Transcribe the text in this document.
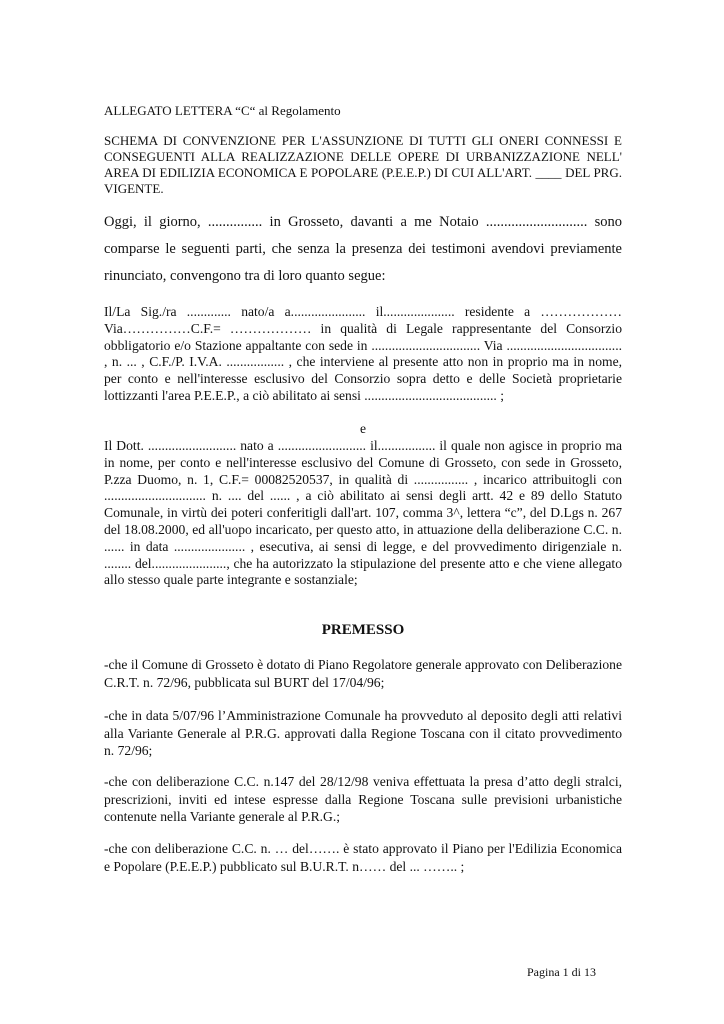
ALLEGATO LETTERA “C“ al Regolamento
SCHEMA DI CONVENZIONE PER L'ASSUNZIONE DI TUTTI GLI ONERI CONNESSI E CONSEGUENTI ALLA REALIZZAZIONE DELLE OPERE DI URBANIZZAZIONE NELL' AREA DI EDILIZIA ECONOMICA E POPOLARE (P.E.E.P.) DI CUI ALL'ART. ____ DEL PRG. VIGENTE.
Oggi, il giorno, ............... in Grosseto, davanti a me Notaio ............................ sono comparse le seguenti parti, che senza la presenza dei testimoni avendovi previamente rinunciato, convengono tra di loro quanto segue:
Il/La Sig./ra ............. nato/a a...................... il..................... residente a ……………… Via……………C.F.= ……………… in qualità di Legale rappresentante del Consorzio obbligatorio e/o Stazione appaltante con sede in ................................ Via .................................. , n. ... , C.F./P. I.V.A. ................. , che interviene al presente atto non in proprio ma in nome, per conto e nell'interesse esclusivo del Consorzio sopra detto e delle Società proprietarie lottizzanti l'area P.E.E.P., a ciò abilitato ai sensi ....................................... ;
e
Il Dott. .......................... nato a .......................... il................. il quale non agisce in proprio ma in nome, per conto e nell'interesse esclusivo del Comune di Grosseto, con sede in Grosseto, P.zza Duomo, n. 1, C.F.= 00082520537, in qualità di ................ , incarico attribuitogli con .............................. n. .... del ...... , a ciò abilitato ai sensi degli artt. 42 e 89 dello Statuto Comunale, in virtù dei poteri conferitigli dall'art. 107, comma 3^, lettera “c”, del D.Lgs n. 267 del 18.08.2000, ed all'uopo incaricato, per questo atto, in attuazione della deliberazione C.C. n. ...... in data ..................... , esecutiva, ai sensi di legge, e del provvedimento dirigenziale n. ........ del......................, che ha autorizzato la stipulazione del presente atto e che viene allegato allo stesso quale parte integrante e sostanziale;
PREMESSO
-che il Comune di Grosseto è dotato di Piano Regolatore generale approvato con Deliberazione C.R.T. n. 72/96, pubblicata sul BURT del 17/04/96;
-che in data 5/07/96 l’Amministrazione Comunale ha provveduto al deposito degli atti relativi alla Variante Generale al P.R.G. approvati dalla Regione Toscana con il citato provvedimento n. 72/96;
-che con deliberazione C.C. n.147 del 28/12/98 veniva effettuata la presa d’atto degli stralci, prescrizioni, inviti ed intese espresse dalla Regione Toscana sulle previsioni urbanistiche contenute nella Variante generale al P.R.G.;
-che con deliberazione C.C. n. … del……. è stato approvato il Piano per l'Edilizia Economica e Popolare (P.E.E.P.) pubblicato sul B.U.R.T. n…… del ... …….. ;
Pagina 1 di 13
